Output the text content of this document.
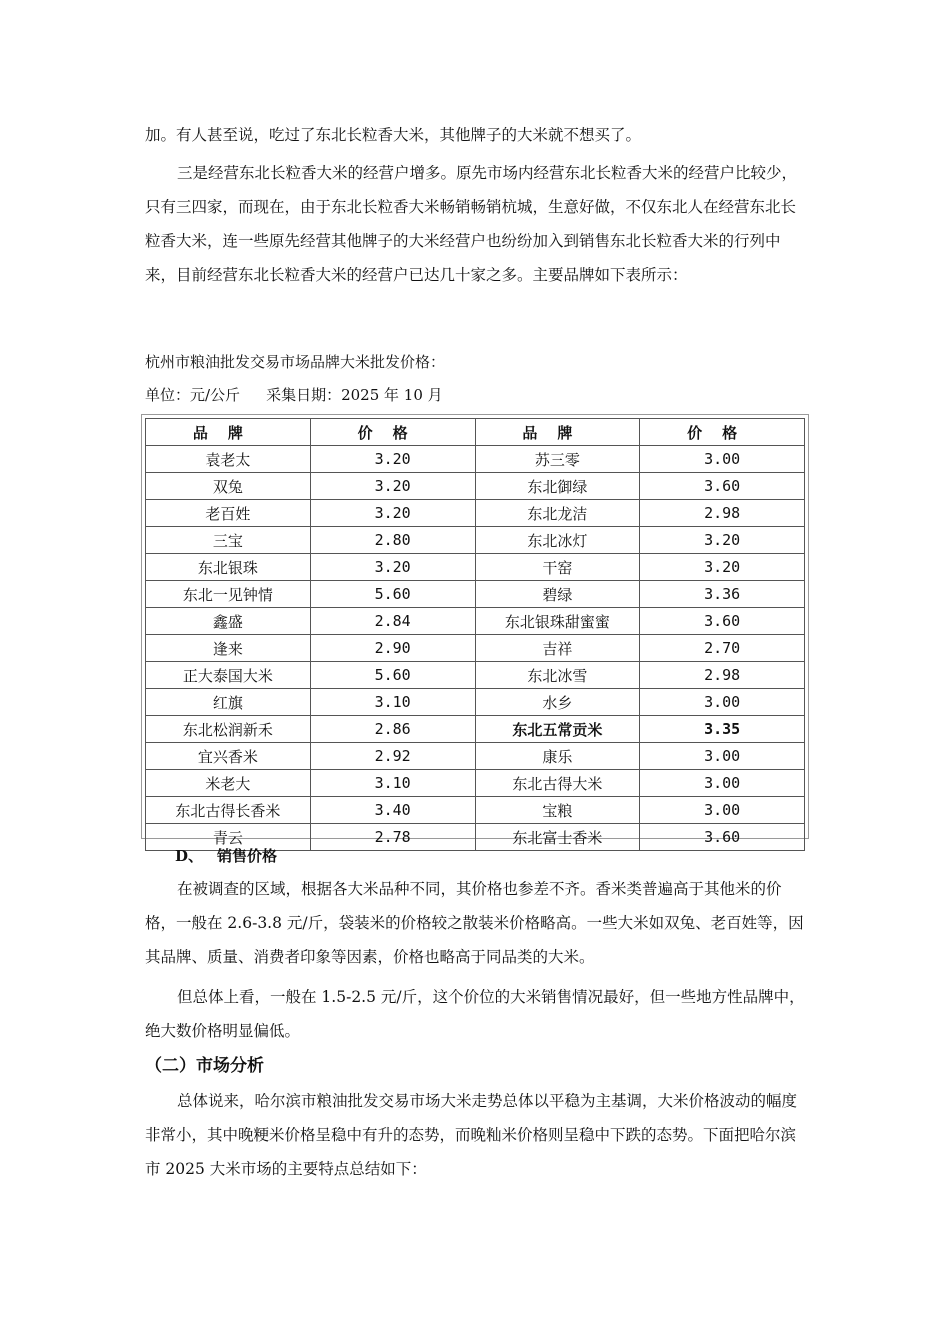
加。有人甚至说，吃过了东北长粒香大米，其他牌子的大米就不想买了。

三是经营东北长粒香大米的经营户增多。原先市场内经营东北长粒香大米的经营户比较少，只有三四家，而现在，由于东北长粒香大米畅销畅销杭城，生意好做，不仅东北人在经营东北长粒香大米，连一些原先经营其他牌子的大米经营户也纷纷加入到销售东北长粒香大米的行列中来，目前经营东北长粒香大米的经营户已达几十家之多。主要品牌如下表所示：

杭州市粮油批发交易市场品牌大米批发价格：

单位：元/公斤 采集日期：2025 年 10 月

品牌	价格	品牌	价格
袁老太	3.20	苏三零	3.00
双兔	3.20	东北御绿	3.60
老百姓	3.20	东北龙洁	2.98
三宝	2.80	东北冰灯	3.20
东北银珠	3.20	干窑	3.20
东北一见钟情	5.60	碧绿	3.36
鑫盛	2.84	东北银珠甜蜜蜜	3.60
逢来	2.90	吉祥	2.70
正大泰国大米	5.60	东北冰雪	2.98
红旗	3.10	水乡	3.00
东北松润新禾	2.86	东北五常贡米	3.35
宜兴香米	2.92	康乐	3.00
米老大	3.10	东北古得大米	3.00
东北古得长香米	3.40	宝粮	3.00
青云	2.78	东北富士香米	3.60

D、 销售价格

在被调查的区域，根据各大米品种不同，其价格也参差不齐。香米类普遍高于其他米的价格，一般在 2.6-3.8 元/斤，袋装米的价格较之散装米价格略高。一些大米如双兔、老百姓等，因其品牌、质量、消费者印象等因素，价格也略高于同品类的大米。

但总体上看，一般在 1.5-2.5 元/斤，这个价位的大米销售情况最好，但一些地方性品牌中，绝大数价格明显偏低。

（二）市场分析

总体说来，哈尔滨市粮油批发交易市场大米走势总体以平稳为主基调，大米价格波动的幅度非常小，其中晚粳米价格呈稳中有升的态势，而晚籼米价格则呈稳中下跌的态势。下面把哈尔滨市 2025 大米市场的主要特点总结如下：
